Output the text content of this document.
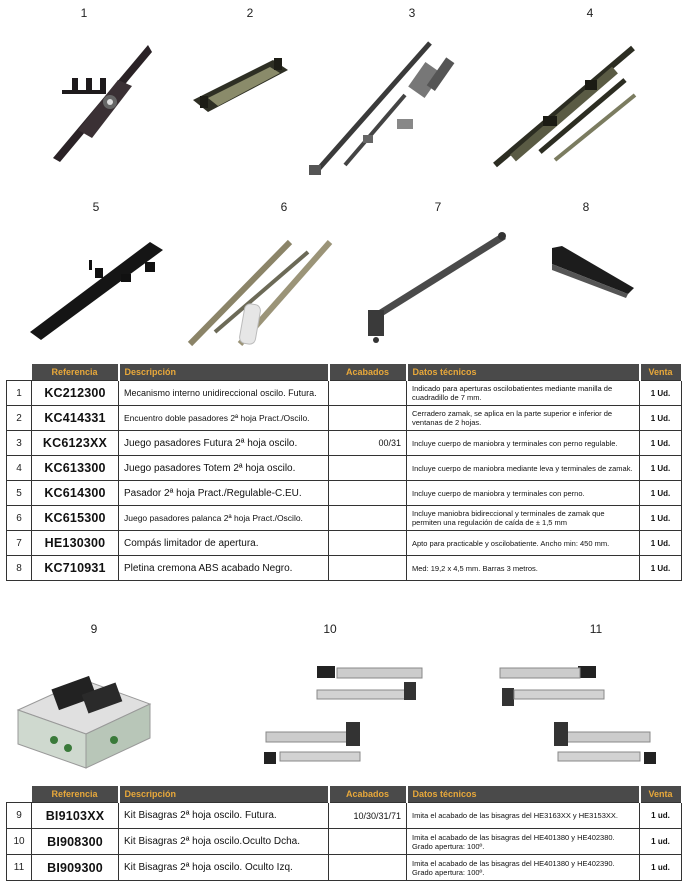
1	2	3	4
5	6	7	8
	Referencia	Descripción	Acabados	Datos técnicos	Venta
1	KC212300	Mecanismo interno unidireccional oscilo. Futura.		Indicado para aperturas oscilobatientes mediante manilla de cuadradillo de 7 mm.	1 Ud.
2	KC414331	Encuentro doble pasadores 2ª hoja Pract./Oscilo.		Cerradero zamak, se aplica en la parte superior e inferior de ventanas de 2 hojas.	1 Ud.
3	KC6123XX	Juego pasadores Futura 2ª hoja oscilo.	00/31	Incluye cuerpo de maniobra y terminales con perno regulable.	1 Ud.
4	KC613300	Juego pasadores Totem 2ª hoja oscilo.		Incluye cuerpo de maniobra mediante leva y terminales de zamak.	1 Ud.
5	KC614300	Pasador 2ª hoja Pract./Regulable-C.EU.		Incluye cuerpo de maniobra y terminales con perno.	1 Ud.
6	KC615300	Juego pasadores palanca 2ª hoja Pract./Oscilo.		Incluye maniobra bidireccional y terminales de zamak que permiten una regulación de caída de ± 1,5 mm	1 Ud.
7	HE130300	Compás limitador de apertura.		Apto para practicable y oscilobatiente. Ancho min: 450 mm.	1 Ud.
8	KC710931	Pletina cremona ABS acabado Negro.		Med: 19,2 x 4,5 mm. Barras 3 metros.	1 Ud.
9	10	11
	Referencia	Descripción	Acabados	Datos técnicos	Venta
9	BI9103XX	Kit Bisagras 2ª hoja oscilo. Futura.	10/30/31/71	Imita el acabado de las bisagras del HE3163XX y HE3153XX.	1 ud.
10	BI908300	Kit Bisagras 2ª hoja oscilo.Oculto Dcha.		Imita el acabado de las bisagras del HE401380 y HE402380. Grado apertura: 100º.	1 ud.
11	BI909300	Kit Bisagras 2ª hoja oscilo. Oculto Izq.		Imita el acabado de las bisagras del HE401380 y HE402390. Grado apertura: 100º.	1 ud.
